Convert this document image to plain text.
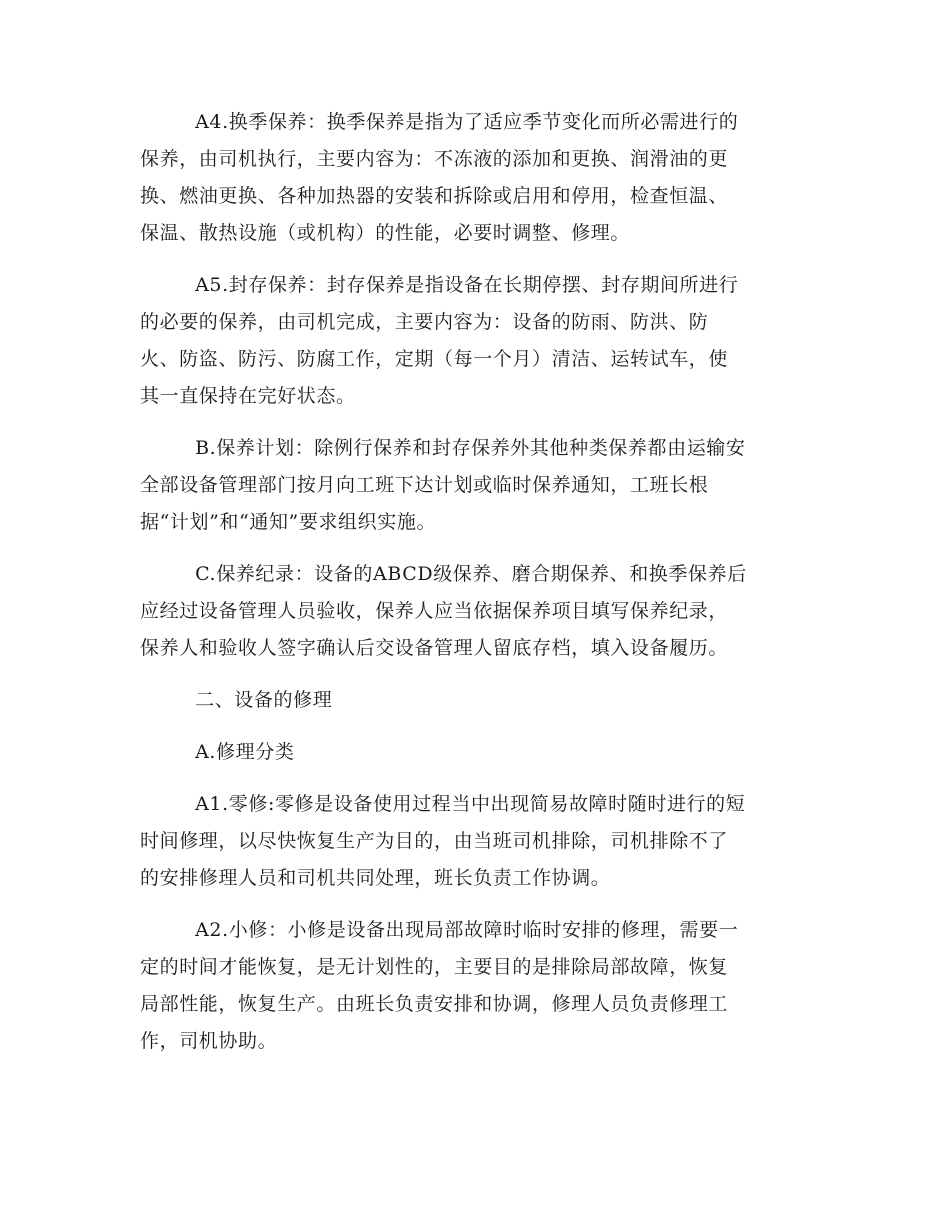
A4.换季保养：换季保养是指为了适应季节变化而所必需进行的
保养，由司机执行，主要内容为：不冻液的添加和更换、润滑油的更
换、燃油更换、各种加热器的安装和拆除或启用和停用，检查恒温、
保温、散热设施（或机构）的性能，必要时调整、修理。

A5.封存保养：封存保养是指设备在长期停摆、封存期间所进行
的必要的保养，由司机完成，主要内容为：设备的防雨、防洪、防
火、防盗、防污、防腐工作，定期（每一个月）清洁、运转试车，使
其一直保持在完好状态。

B.保养计划：除例行保养和封存保养外其他种类保养都由运输安
全部设备管理部门按月向工班下达计划或临时保养通知，工班长根
据“计划”和“通知”要求组织实施。

C.保养纪录：设备的ABCD级保养、磨合期保养、和换季保养后
应经过设备管理人员验收，保养人应当依据保养项目填写保养纪录，
保养人和验收人签字确认后交设备管理人留底存档，填入设备履历。

二、设备的修理

A.修理分类

A1.零修:零修是设备使用过程当中出现简易故障时随时进行的短
时间修理，以尽快恢复生产为目的，由当班司机排除，司机排除不了
的安排修理人员和司机共同处理，班长负责工作协调。

A2.小修：小修是设备出现局部故障时临时安排的修理，需要一
定的时间才能恢复，是无计划性的，主要目的是排除局部故障，恢复
局部性能，恢复生产。由班长负责安排和协调，修理人员负责修理工
作，司机协助。
